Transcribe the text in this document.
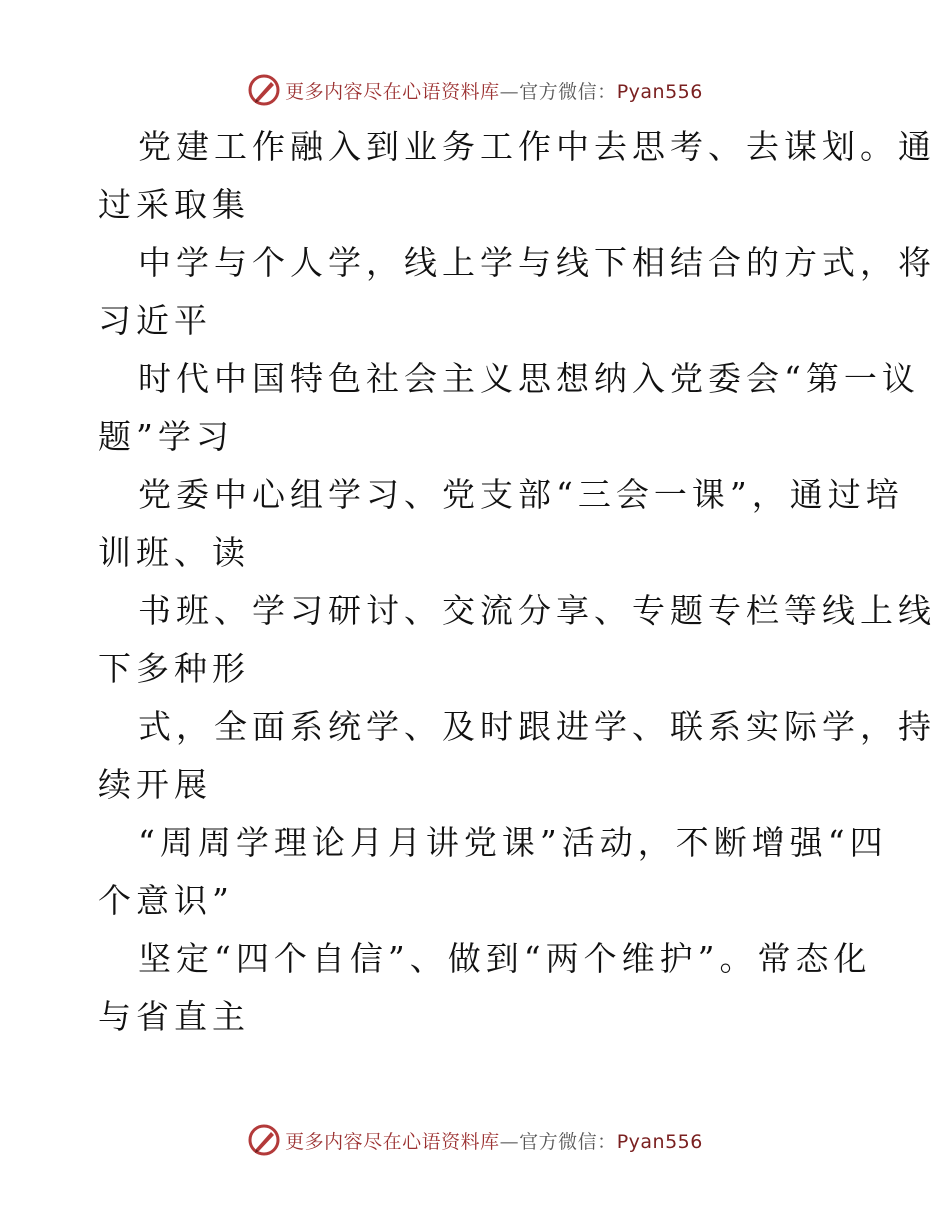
更多内容尽在心语资料库—官方微信：Pyan556

党建工作融入到业务工作中去思考、去谋划。通

过采取集

中学与个人学，线上学与线下相结合的方式，将

习近平

时代中国特色社会主义思想纳入党委会“第一议

题”学习

党委中心组学习、党支部“三会一课”，通过培

训班、读

书班、学习研讨、交流分享、专题专栏等线上线

下多种形

式，全面系统学、及时跟进学、联系实际学，持

续开展

“周周学理论月月讲党课”活动，不断增强“四

个意识”

坚定“四个自信”、做到“两个维护”。常态化

与省直主

更多内容尽在心语资料库—官方微信：Pyan556
